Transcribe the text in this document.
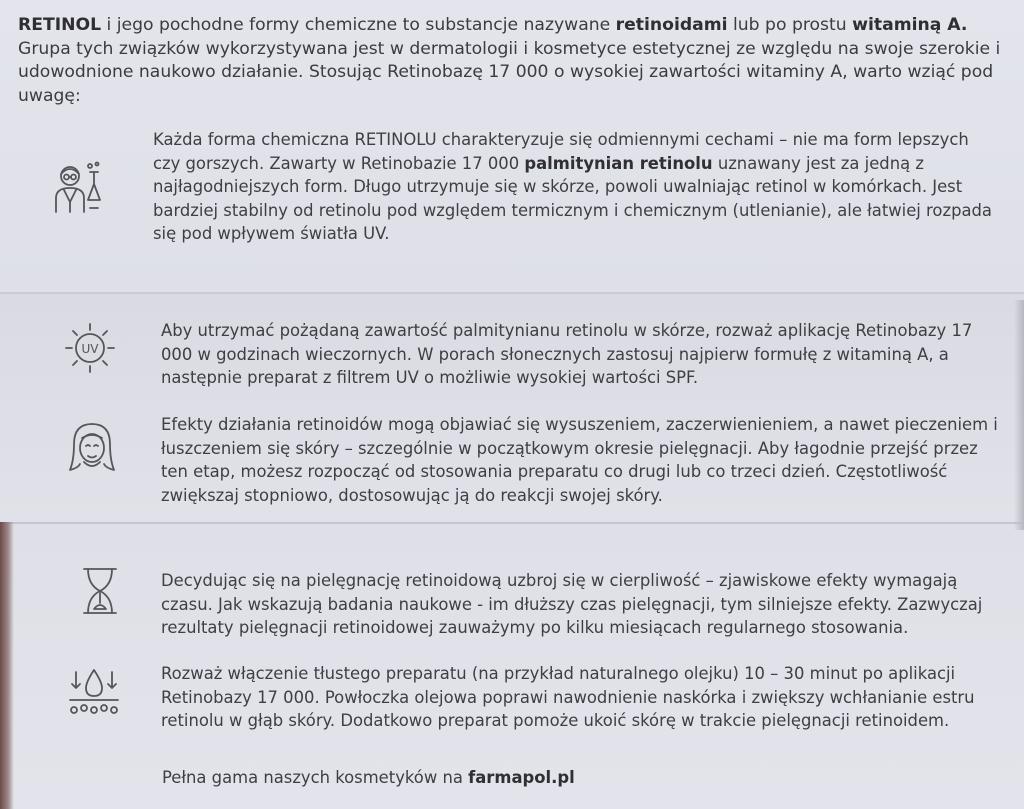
RETINOL i jego pochodne formy chemiczne to substancje nazywane retinoidami lub po prostu witaminą A. Grupa tych związków wykorzystywana jest w dermatologii i kosmetyce estetycznej ze względu na swoje szerokie i udowodnione naukowo działanie. Stosując Retinobazę 17 000 o wysokiej zawartości witaminy A, warto wziąć pod uwagę:

Każda forma chemiczna RETINOLU charakteryzuje się odmiennymi cechami – nie ma form lepszych czy gorszych. Zawarty w Retinobazie 17 000 palmitynian retinolu uznawany jest za jedną z najłagodniejszych form. Długo utrzymuje się w skórze, powoli uwalniając retinol w komórkach. Jest bardziej stabilny od retinolu pod względem termicznym i chemicznym (utlenianie), ale łatwiej rozpada się pod wpływem światła UV.

UV

Aby utrzymać pożądaną zawartość palmitynianu retinolu w skórze, rozważ aplikację Retinobazy 17 000 w godzinach wieczornych. W porach słonecznych zastosuj najpierw formułę z witaminą A, a następnie preparat z filtrem UV o możliwie wysokiej wartości SPF.

Efekty działania retinoidów mogą objawiać się wysuszeniem, zaczerwienieniem, a nawet pieczeniem i łuszczeniem się skóry – szczególnie w początkowym okresie pielęgnacji. Aby łagodnie przejść przez ten etap, możesz rozpocząć od stosowania preparatu co drugi lub co trzeci dzień. Częstotliwość zwiększaj stopniowo, dostosowując ją do reakcji swojej skóry.

Decydując się na pielęgnację retinoidową uzbroj się w cierpliwość – zjawiskowe efekty wymagają czasu. Jak wskazują badania naukowe - im dłuższy czas pielęgnacji, tym silniejsze efekty. Zazwyczaj rezultaty pielęgnacji retinoidowej zauważymy po kilku miesiącach regularnego stosowania.

Rozważ włączenie tłustego preparatu (na przykład naturalnego olejku) 10 – 30 minut po aplikacji Retinobazy 17 000. Powłoczka olejowa poprawi nawodnienie naskórka i zwiększy wchłanianie estru retinolu w głąb skóry. Dodatkowo preparat pomoże ukoić skórę w trakcie pielęgnacji retinoidem.

Pełna gama naszych kosmetyków na farmapol.pl
